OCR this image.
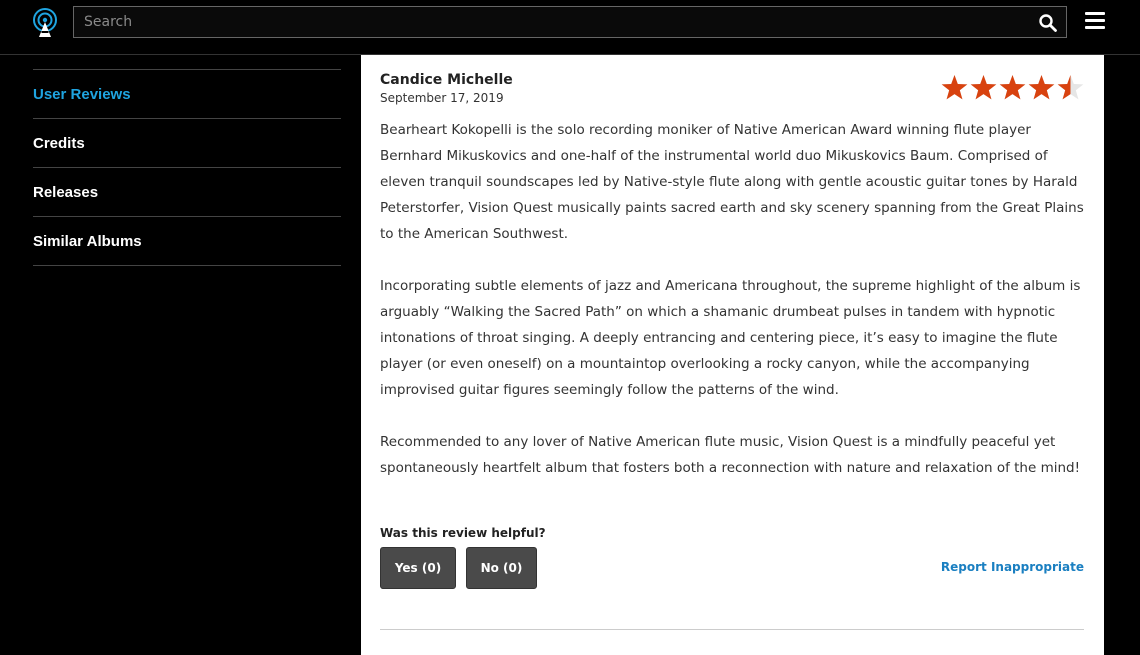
Search
User Reviews
Credits
Releases
Similar Albums
Candice Michelle
September 17, 2019

Bearheart Kokopelli is the solo recording moniker of Native American Award winning flute player Bernhard Mikuskovics and one-half of the instrumental world duo Mikuskovics Baum. Comprised of eleven tranquil soundscapes led by Native-style flute along with gentle acoustic guitar tones by Harald Peterstorfer, Vision Quest musically paints sacred earth and sky scenery spanning from the Great Plains to the American Southwest.

Incorporating subtle elements of jazz and Americana throughout, the supreme highlight of the album is arguably “Walking the Sacred Path” on which a shamanic drumbeat pulses in tandem with hypnotic intonations of throat singing. A deeply entrancing and centering piece, it’s easy to imagine the flute player (or even oneself) on a mountaintop overlooking a rocky canyon, while the accompanying improvised guitar figures seemingly follow the patterns of the wind.

Recommended to any lover of Native American flute music, Vision Quest is a mindfully peaceful yet spontaneously heartfelt album that fosters both a reconnection with nature and relaxation of the mind!

Was this review helpful?
Yes (0)	No (0)	Report Inappropriate
